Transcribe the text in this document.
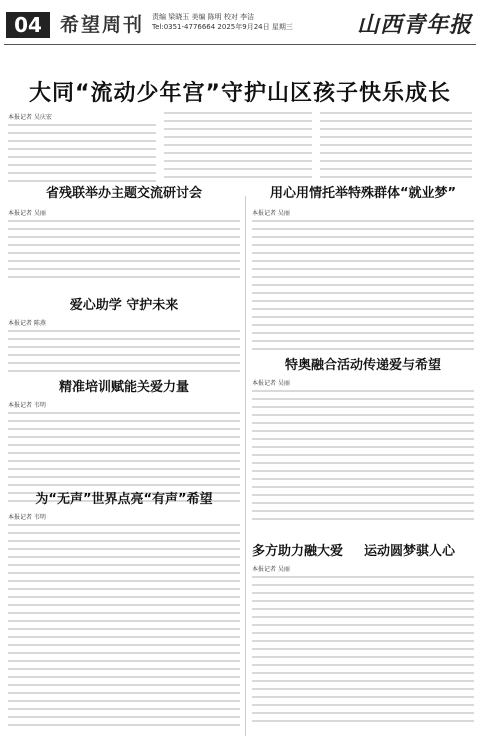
04 希望周刊 责编 梁晓玉 美编 陈明 校对 李洁
Tel:0351-4776664 2025年9月24日 星期三	山西青年报
大同“流动少年宫”守护山区孩子快乐成长
本报记者 吴庆宏
省残联举办主题交流研讨会
本报记者 吴丽
爱心助学 守护未来
本报记者 陈燕
精准培训赋能关爱力量
本报记者 韦明
为“无声”世界点亮“有声”希望
本报记者 韦明
用心用情托举特殊群体“就业梦”
本报记者 吴丽
特奥融合活动传递爱与希望
本报记者 吴丽
多方助力融大爱	运动圆梦骐人心
本报记者 吴丽
